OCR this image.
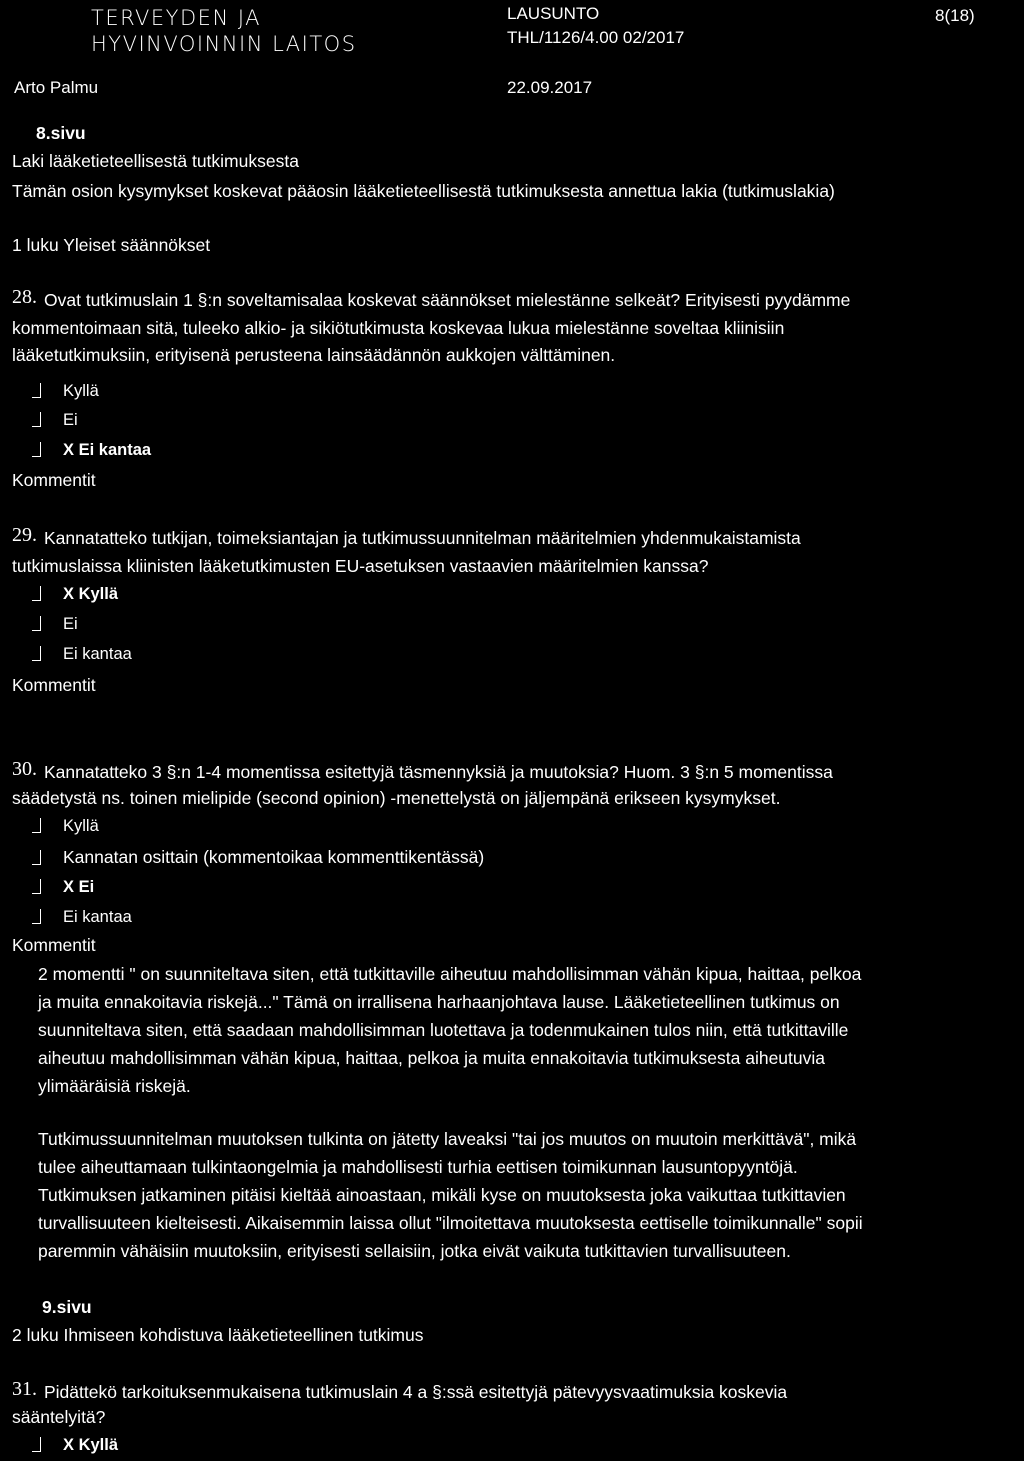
TERVEYDEN JA
HYVINVOINNIN LAITOS
LAUSUNTO
THL/1126/4.00 02/2017
8(18)
Arto Palmu	22.09.2017
8.sivu
Laki lääketieteellisestä tutkimuksesta
Tämän osion kysymykset koskevat pääosin lääketieteellisestä tutkimuksesta annettua lakia (tutkimuslakia)
1 luku Yleiset säännökset
28. Ovat tutkimuslain 1 §:n soveltamisalaa koskevat säännökset mielestänne selkeät? Erityisesti pyydämme
kommentoimaan sitä, tuleeko alkio- ja sikiötutkimusta koskevaa lukua mielestänne soveltaa kliinisiin
lääketutkimuksiin, erityisenä perusteena lainsäädännön aukkojen välttäminen.
Kyllä
Ei
X Ei kantaa
Kommentit
29. Kannatatteko tutkijan, toimeksiantajan ja tutkimussuunnitelman määritelmien yhdenmukaistamista
tutkimuslaissa kliinisten lääketutkimusten EU-asetuksen vastaavien määritelmien kanssa?
X Kyllä
Ei
Ei kantaa
Kommentit
30. Kannatatteko 3 §:n 1-4 momentissa esitettyjä täsmennyksiä ja muutoksia? Huom. 3 §:n 5 momentissa
säädetystä ns. toinen mielipide (second opinion) -menettelystä on jäljempänä erikseen kysymykset.
Kyllä
Kannatan osittain (kommentoikaa kommenttikentässä)
X Ei
Ei kantaa
Kommentit
2 momentti " on suunniteltava siten, että tutkittaville aiheutuu mahdollisimman vähän kipua, haittaa, pelkoa
ja muita ennakoitavia riskejä..." Tämä on irrallisena harhaanjohtava lause. Lääketieteellinen tutkimus on
suunniteltava siten, että saadaan mahdollisimman luotettava ja todenmukainen tulos niin, että tutkittaville
aiheutuu mahdollisimman vähän kipua, haittaa, pelkoa ja muita ennakoitavia tutkimuksesta aiheutuvia
ylimääräisiä riskejä.
Tutkimussuunnitelman muutoksen tulkinta on jätetty laveaksi "tai jos muutos on muutoin merkittävä", mikä
tulee aiheuttamaan tulkintaongelmia ja mahdollisesti turhia eettisen toimikunnan lausuntopyyntöjä.
Tutkimuksen jatkaminen pitäisi kieltää ainoastaan, mikäli kyse on muutoksesta joka vaikuttaa tutkittavien
turvallisuuteen kielteisesti. Aikaisemmin laissa ollut "ilmoitettava muutoksesta eettiselle toimikunnalle" sopii
paremmin vähäisiin muutoksiin, erityisesti sellaisiin, jotka eivät vaikuta tutkittavien turvallisuuteen.
9.sivu
2 luku Ihmiseen kohdistuva lääketieteellinen tutkimus
31. Pidättekö tarkoituksenmukaisena tutkimuslain 4 a §:ssä esitettyjä pätevyysvaatimuksia koskevia
sääntelyitä?
X Kyllä
